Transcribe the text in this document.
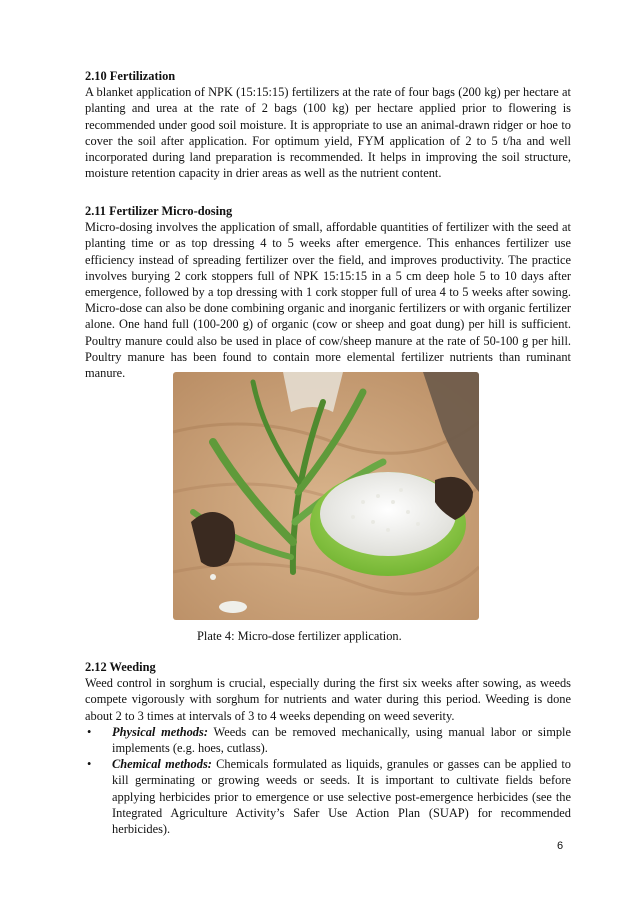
2.10 Fertilization

A blanket application of NPK (15:15:15) fertilizers at the rate of four bags (200 kg) per hectare at planting and urea at the rate of 2 bags (100 kg) per hectare applied prior to flowering is recommended under good soil moisture. It is appropriate to use an animal-drawn ridger or hoe to cover the soil after application. For optimum yield, FYM application of 2 to 5 t/ha and well incorporated during land preparation is recommended. It helps in improving the soil structure, moisture retention capacity in drier areas as well as the nutrient content.

2.11 Fertilizer Micro-dosing

Micro-dosing involves the application of small, affordable quantities of fertilizer with the seed at planting time or as top dressing 4 to 5 weeks after emergence. This enhances fertilizer use efficiency instead of spreading fertilizer over the field, and improves productivity. The practice involves burying 2 cork stoppers full of NPK 15:15:15 in a 5 cm deep hole 5 to 10 days after emergence, followed by a top dressing with 1 cork stopper full of urea 4 to 5 weeks after sowing. Micro-dose can also be done combining organic and inorganic fertilizers or with organic fertilizer alone. One hand full (100-200 g) of organic (cow or sheep and goat dung) per hill is sufficient. Poultry manure could also be used in place of cow/sheep manure at the rate of 50-100 g per hill. Poultry manure has been found to contain more elemental fertilizer nutrients than ruminant manure.

Plate 4: Micro-dose fertilizer application.
2.12 Weeding

Weed control in sorghum is crucial, especially during the first six weeks after sowing, as weeds compete vigorously with sorghum for nutrients and water during this period. Weeding is done about 2 to 3 times at intervals of 3 to 4 weeks depending on weed severity.

• Physical methods: Weeds can be removed mechanically, using manual labor or simple implements (e.g. hoes, cutlass).
• Chemical methods: Chemicals formulated as liquids, granules or gasses can be applied to kill germinating or growing weeds or seeds. It is important to cultivate fields before applying herbicides prior to emergence or use selective post-emergence herbicides (see the Integrated Agriculture Activity’s Safer Use Action Plan (SUAP) for recommended herbicides).
6
